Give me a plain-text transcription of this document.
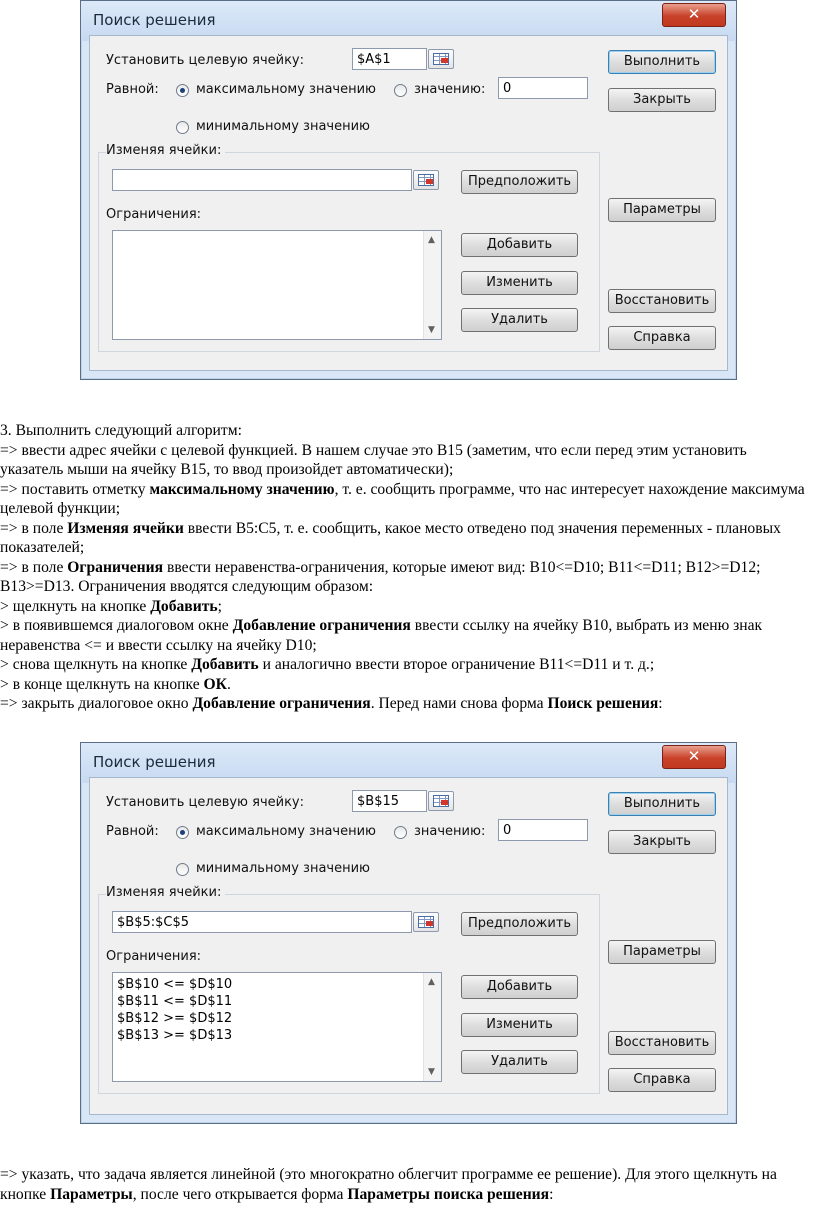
Поиск решения	✕
Установить целевую ячейку:	$A$1
Равной:	максимальному значению	значению:	0
минимальному значению
Изменяя ячейки:
Предположить
Ограничения:
▲
▼
Добавить
Изменить
Удалить
Выполнить
Закрыть
Параметры
Восстановить
Справка

3. Выполнить следующий алгоритм:

=> ввести адрес ячейки с целевой функцией. В нашем случае это B15 (заметим, что если перед этим установить указатель мыши на ячейку B15, то ввод произойдет автоматически);

=> поставить отметку максимальному значению, т. е. сообщить программе, что нас интересует нахождение максимума целевой функции;

=> в поле Изменяя ячейки ввести B5:C5, т. е. сообщить, какое место отведено под значения переменных - плановых показателей;

=> в поле Ограничения ввести неравенства-ограничения, которые имеют вид: B10<=D10; B11<=D11; B12>=D12; B13>=D13. Ограничения вводятся следующим образом:

> щелкнуть на кнопке Добавить;

> в появившемся диалоговом окне Добавление ограничения ввести ссылку на ячейку B10, выбрать из меню знак неравенства <= и ввести ссылку на ячейку D10;

> снова щелкнуть на кнопке Добавить и аналогично ввести второе ограничение B11<=D11 и т. д.;

> в конце щелкнуть на кнопке ОК.

=> закрыть диалоговое окно Добавление ограничения. Перед нами снова форма Поиск решения:

Поиск решения	✕
Установить целевую ячейку:	$B$15
Равной:	максимальному значению	значению:	0
минимальному значению
Изменяя ячейки:
$B$5:$C$5	Предположить
Ограничения:
$B$10 <= $D$10
$B$11 <= $D$11
$B$12 >= $D$12
$B$13 >= $D$13
▲
▼
Добавить
Изменить
Удалить
Выполнить
Закрыть
Параметры
Восстановить
Справка

=> указать, что задача является линейной (это многократно облегчит программе ее решение). Для этого щелкнуть на кнопке Параметры, после чего открывается форма Параметры поиска решения:
